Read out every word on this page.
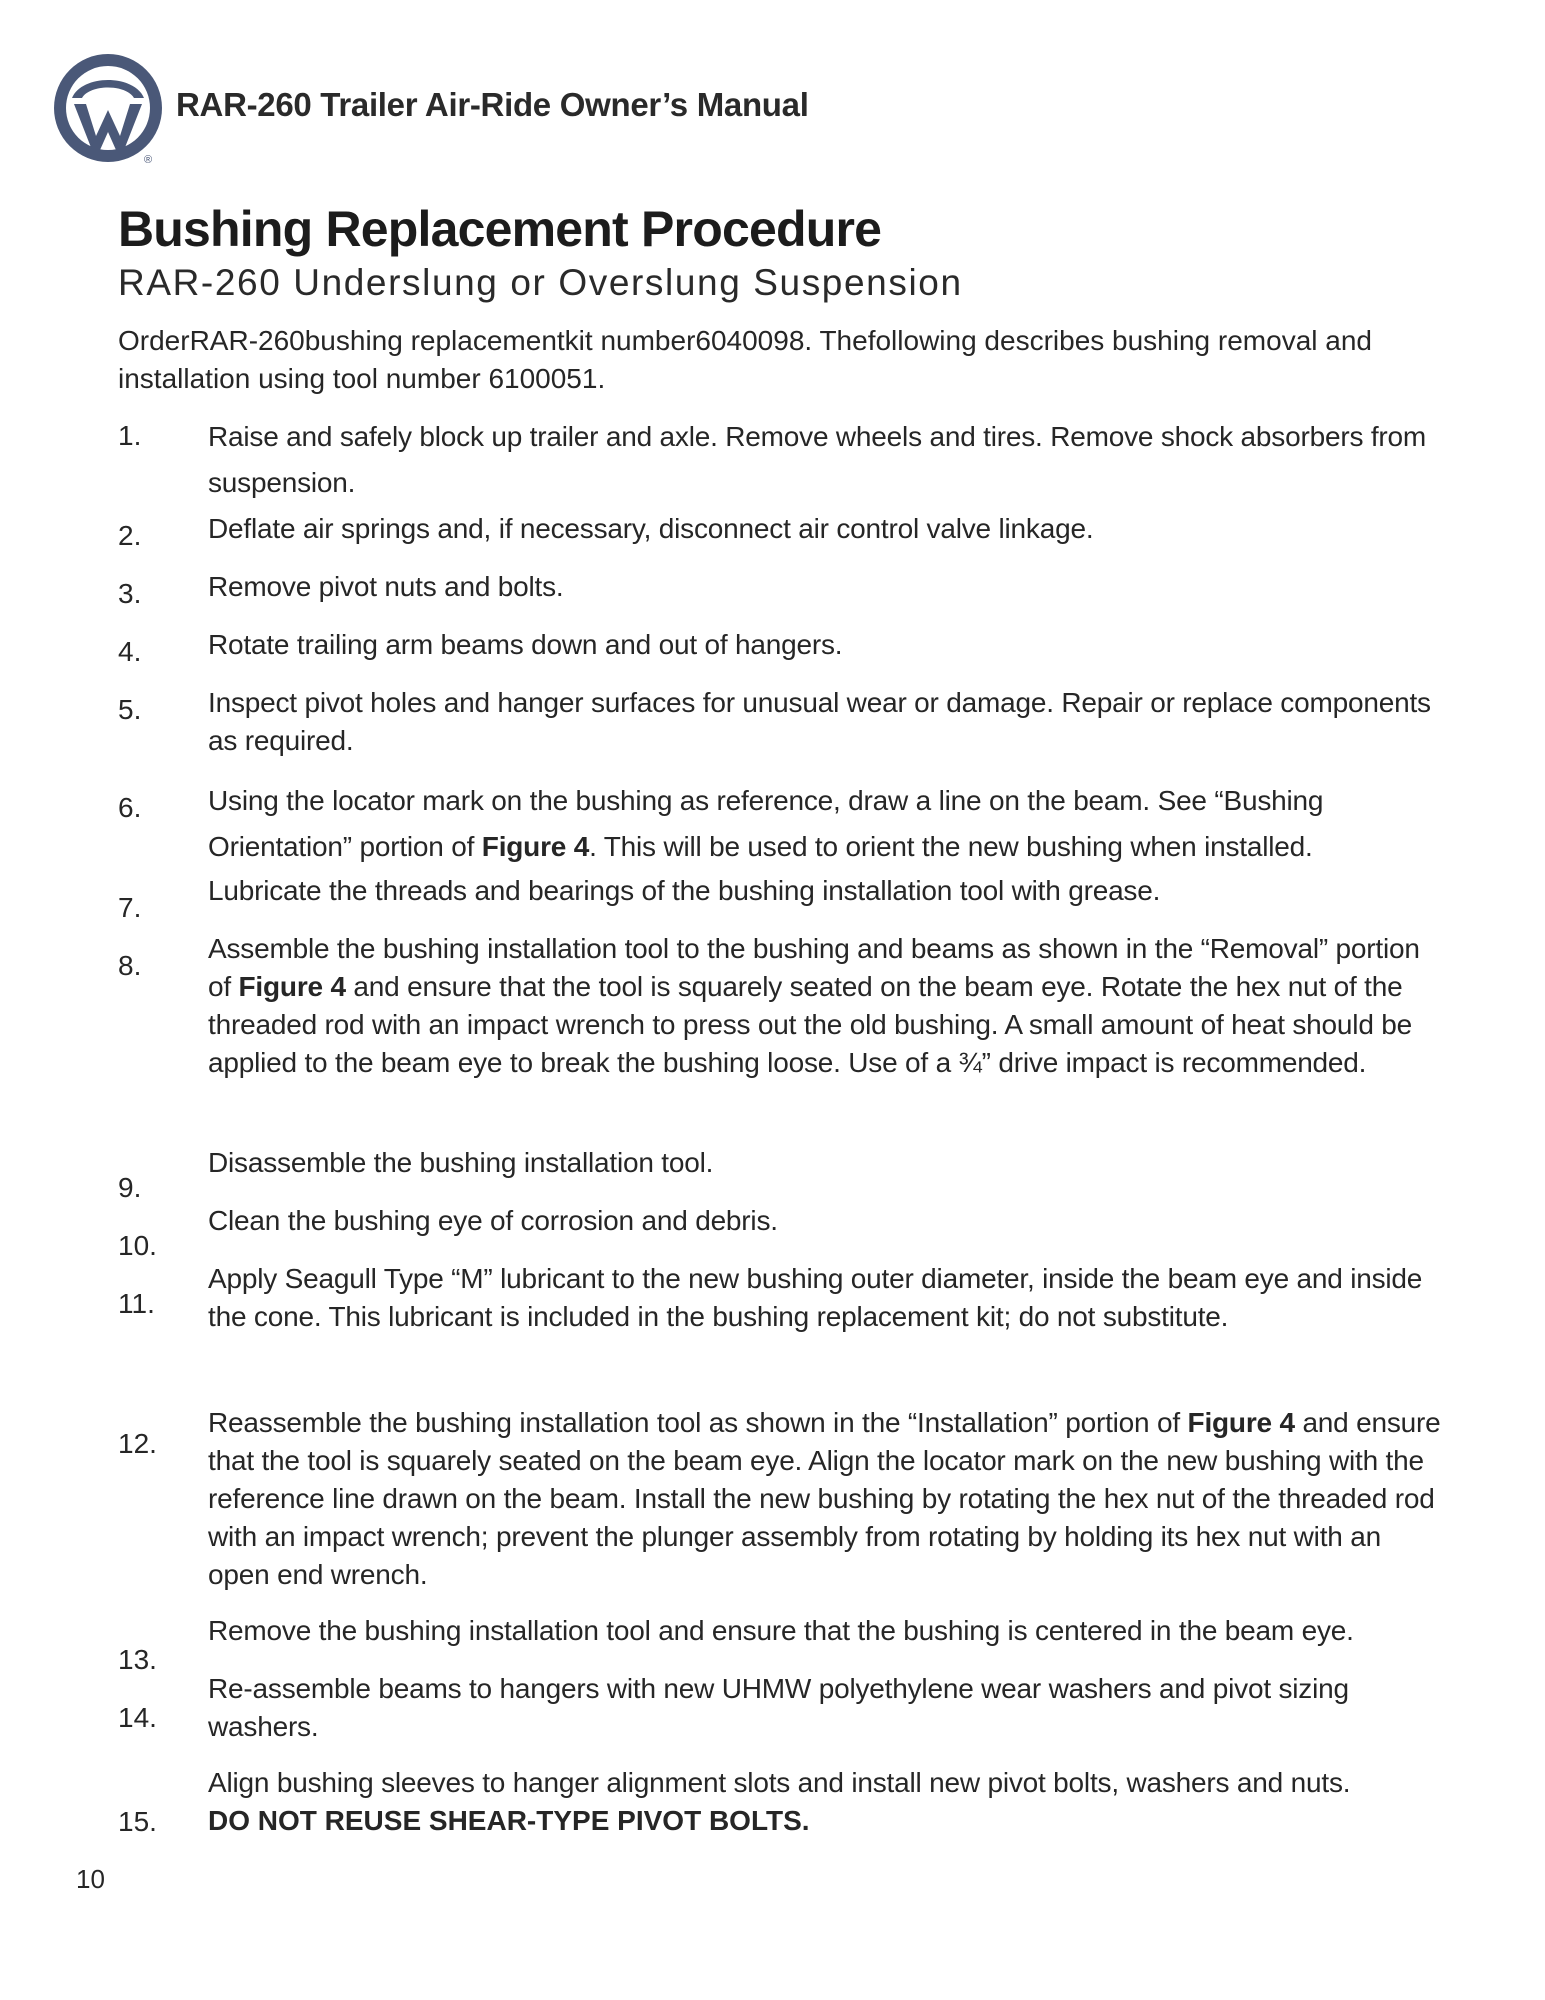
®
RAR-260 Trailer Air-Ride Owner’s Manual
Bushing Replacement Procedure
RAR-260 Underslung or Overslung Suspension
OrderRAR-260bushing replacementkit number6040098. Thefollowing describes bushing removal and installation using tool number 6100051.
1. Raise and safely block up trailer and axle. Remove wheels and tires. Remove shock absorbers from suspension.
2. Deflate air springs and, if necessary, disconnect air control valve linkage.
3. Remove pivot nuts and bolts.
4. Rotate trailing arm beams down and out of hangers.
5. Inspect pivot holes and hanger surfaces for unusual wear or damage. Repair or replace components as required.
6. Using the locator mark on the bushing as reference, draw a line on the beam. See “Bushing Orientation” portion of Figure 4. This will be used to orient the new bushing when installed.
7.
Lubricate the threads and bearings of the bushing installation tool with grease.
8.
Assemble the bushing installation tool to the bushing and beams as shown in the “Removal” portion of Figure 4 and ensure that the tool is squarely seated on the beam eye. Rotate the hex nut of the threaded rod with an impact wrench to press out the old bushing. A small amount of heat should be applied to the beam eye to break the bushing loose. Use of a ¾” drive impact is recommended.
9.
Disassemble the bushing installation tool.
10.
Clean the bushing eye of corrosion and debris.
11.
Apply Seagull Type “M” lubricant to the new bushing outer diameter, inside the beam eye and inside the cone. This lubricant is included in the bushing replacement kit; do not substitute.
12.
Reassemble the bushing installation tool as shown in the “Installation” portion of Figure 4 and ensure that the tool is squarely seated on the beam eye. Align the locator mark on the new bushing with the reference line drawn on the beam. Install the new bushing by rotating the hex nut of the threaded rod with an impact wrench; prevent the plunger assembly from rotating by holding its hex nut with an open end wrench.
13.
Remove the bushing installation tool and ensure that the bushing is centered in the beam eye.
14.
Re-assemble beams to hangers with new UHMW polyethylene wear washers and pivot sizing washers.
15.
Align bushing sleeves to hanger alignment slots and install new pivot bolts, washers and nuts.
DO NOT REUSE SHEAR-TYPE PIVOT BOLTS.
10
